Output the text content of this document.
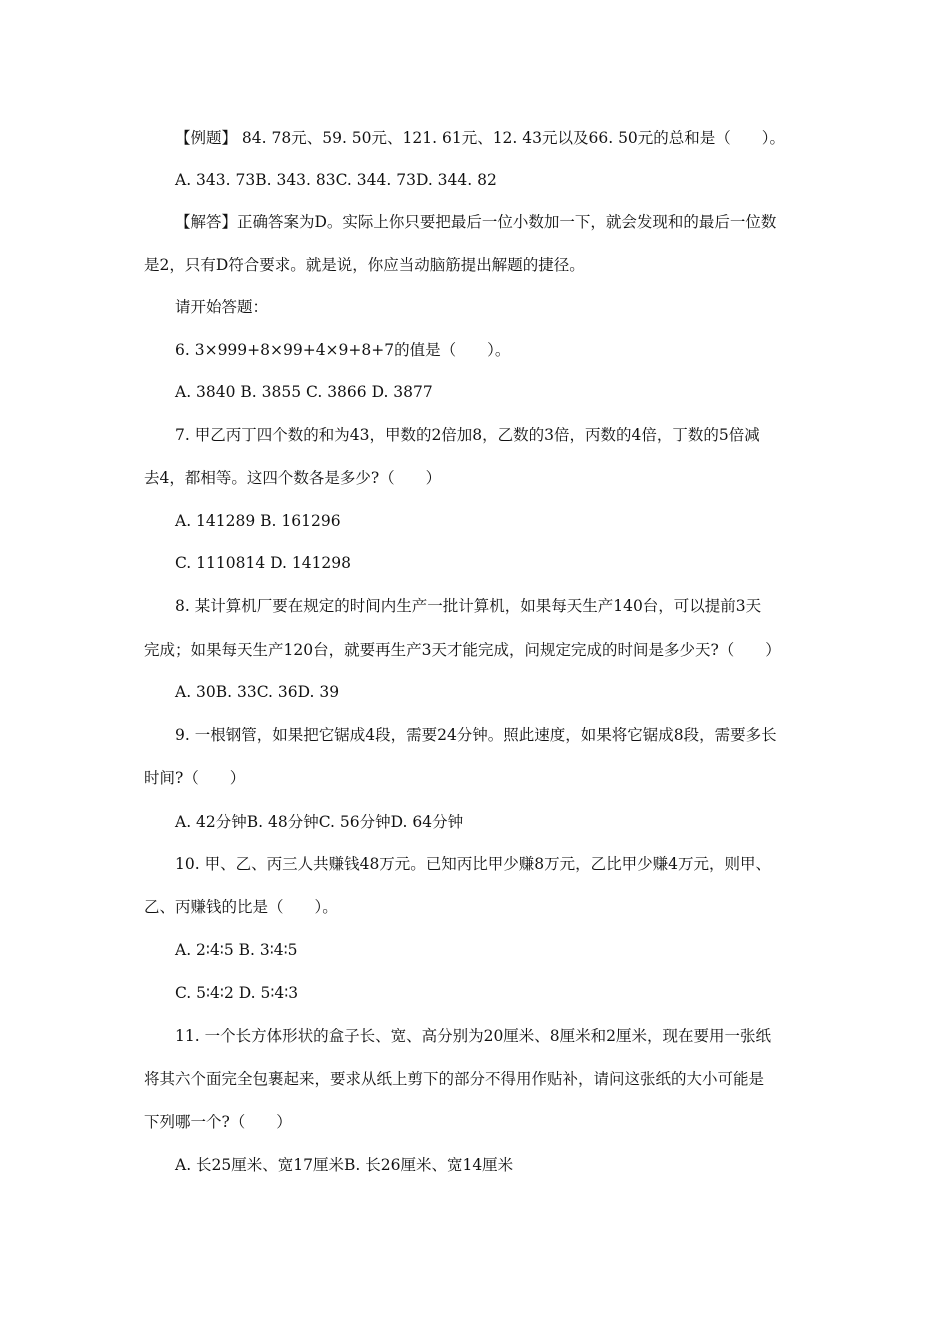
【例题】 84. 78元、59. 50元、121. 61元、12. 43元以及66. 50元的总和是（　　）。

A. 343. 73B. 343. 83C. 344. 73D. 344. 82

【解答】正确答案为D。实际上你只要把最后一位小数加一下，就会发现和的最后一位数

是2，只有D符合要求。就是说，你应当动脑筋提出解题的捷径。

请开始答题：

6. 3×999+8×99+4×9+8+7的值是（　　）。

A. 3840 B. 3855 C. 3866 D. 3877

7. 甲乙丙丁四个数的和为43，甲数的2倍加8，乙数的3倍，丙数的4倍，丁数的5倍减

去4，都相等。这四个数各是多少?（　　）

A. 141289 B. 161296

C. 1110814 D. 141298

8. 某计算机厂要在规定的时间内生产一批计算机，如果每天生产140台，可以提前3天

完成；如果每天生产120台，就要再生产3天才能完成，问规定完成的时间是多少天?（　　）

A. 30B. 33C. 36D. 39

9. 一根钢管，如果把它锯成4段，需要24分钟。照此速度，如果将它锯成8段，需要多长

时间?（　　）

A. 42分钟B. 48分钟C. 56分钟D. 64分钟

10. 甲、乙、丙三人共赚钱48万元。已知丙比甲少赚8万元，乙比甲少赚4万元，则甲、

乙、丙赚钱的比是（　　）。

A. 2∶4∶5 B. 3∶4∶5

C. 5∶4∶2 D. 5∶4∶3

11. 一个长方体形状的盒子长、宽、高分别为20厘米、8厘米和2厘米，现在要用一张纸

将其六个面完全包裹起来，要求从纸上剪下的部分不得用作贴补，请问这张纸的大小可能是

下列哪一个?（　　）

A. 长25厘米、宽17厘米B. 长26厘米、宽14厘米
